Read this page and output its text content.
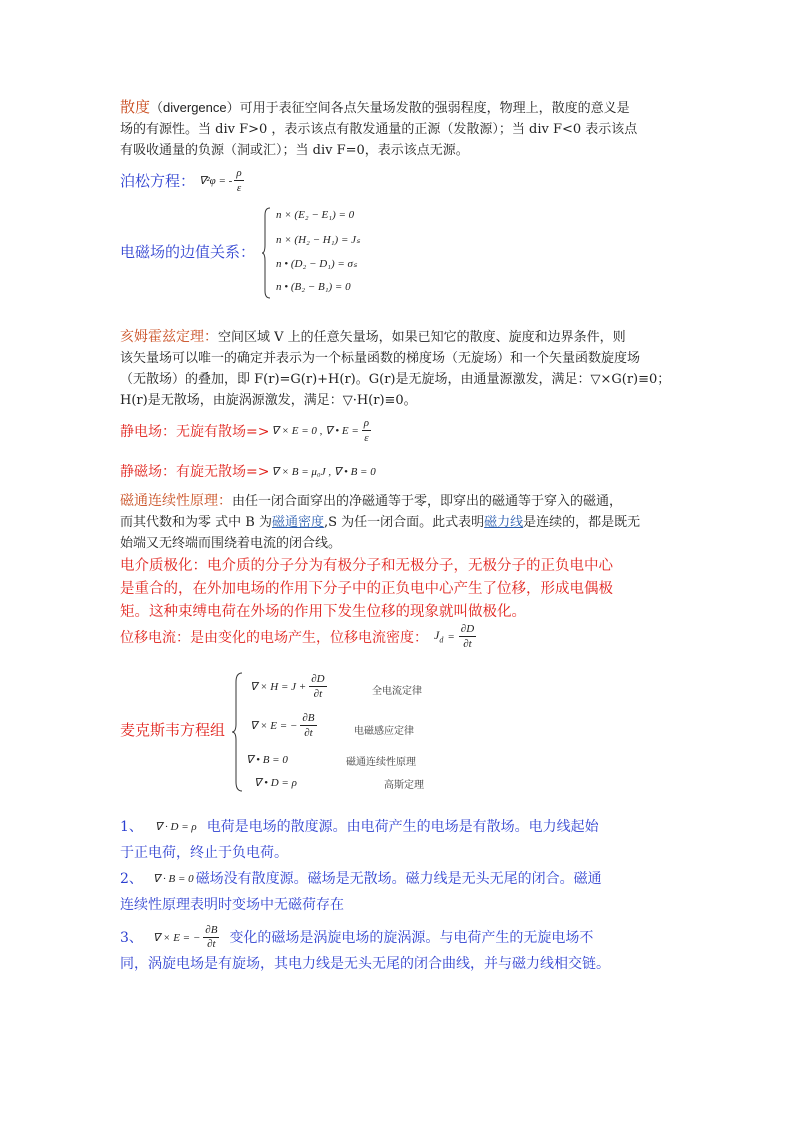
散度（divergence）可用于表征空间各点矢量场发散的强弱程度，物理上，散度的意义是
场的有源性。当 div F>0 ，表示该点有散发通量的正源（发散源）；当 div F<0 表示该点
有吸收通量的负源（洞或汇）；当 div F=0，表示该点无源。
泊松方程： ∇²φ = - $\frac{\rho}{\varepsilon}$
电磁场的边值关系：
n × (E₂ − E₁) = 0
n × (H₂ − H₁) = Jₛ
n • (D₂ − D₁) = σₛ
n • (B₂ − B₁) = 0
亥姆霍兹定理：空间区域 V 上的任意矢量场，如果已知它的散度、旋度和边界条件，则
该矢量场可以唯一的确定并表示为一个标量函数的梯度场（无旋场）和一个矢量函数旋度场
（无散场）的叠加，即 F(r)=G(r)+H(r)。G(r)是无旋场，由通量源激发，满足：▽×G(r)≡0；
H(r)是无散场，由旋涡源激发，满足：▽·H(r)≡0。
静电场：无旋有散场=> ∇ × E = 0 , ∇ • $E = \frac{\rho}{\varepsilon}$
静磁场：有旋无散场=> ∇ × B = μ₀J , ∇ • B = 0
磁通连续性原理：由任一闭合面穿出的净磁通等于零，即穿出的磁通等于穿入的磁通，
而其代数和为零 式中 B 为磁通密度,S 为任一闭合面。此式表明磁力线是连续的，都是既无
始端又无终端而围绕着电流的闭合线。
电介质极化：电介质的分子分为有极分子和无极分子，无极分子的正负电中心
是重合的，在外加电场的作用下分子中的正负电中心产生了位移，形成电偶极
矩。这种束缚电荷在外场的作用下发生位移的现象就叫做极化。
位移电流：是由变化的电场产生，位移电流密度： $J_d = \frac{\partial D}{\partial t}$
麦克斯韦方程组
∇ × $H = J + \frac{\partial D}{\partial t}$	全电流定律
∇ × E = − $\frac{\partial B}{\partial t}$	电磁感应定律
∇ • B = 0	磁通连续性原理
∇ • D = ρ	高斯定理
1、 ∇ · D = ρ 电荷是电场的散度源。由电荷产生的电场是有散场。电力线起始
于正电荷，终止于负电荷。
2、 ∇ · B = 0 磁场没有散度源。磁场是无散场。磁力线是无头无尾的闭合。磁通
连续性原理表明时变场中无磁荷存在
3、 ∇ × E = − $\frac{\partial B}{\partial t}$ 变化的磁场是涡旋电场的旋涡源。与电荷产生的无旋电场不
同，涡旋电场是有旋场，其电力线是无头无尾的闭合曲线，并与磁力线相交链。
